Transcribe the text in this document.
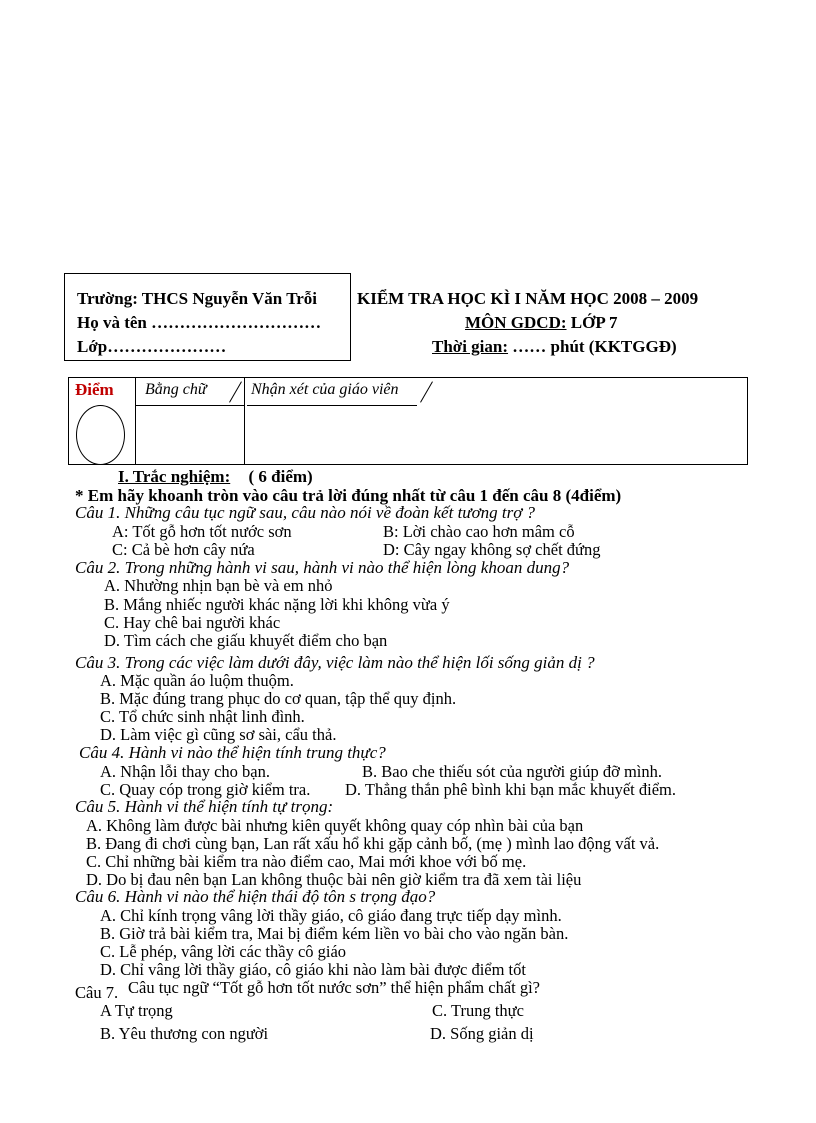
Trường: THCS Nguyễn Văn Trỗi
Họ và tên …………………………
Lớp…………………
KIỂM TRA HỌC KÌ I NĂM HỌC 2008 – 2009
MÔN GDCD: LỚP 7
Thời gian: …… phút (KKTGGĐ)
Điểm Bằng chữ	Nhận xét của giáo viên
I. Trắc nghiệm: ( 6 điểm)
* Em hãy khoanh tròn vào câu trả lời đúng nhất từ câu 1 đến câu 8 (4điểm)
Câu 1. Những câu tục ngữ sau, câu nào nói về đoàn kết tương trợ ?
A: Tốt gỗ hơn tốt nước sơn	B: Lời chào cao hơn mâm cỗ
C: Cả bè hơn cây nứa	D: Cây ngay không sợ chết đứng
Câu 2. Trong những hành vi sau, hành vi nào thể hiện lòng khoan dung?
A. Nhường nhịn bạn bè và em nhỏ
B. Mắng nhiếc người khác nặng lời khi không vừa ý
C. Hay chê bai người khác
D. Tìm cách che giấu khuyết điểm cho bạn
Câu 3. Trong các việc làm dưới đây, việc làm nào thể hiện lối sống giản dị ?
A. Mặc quần áo luộm thuộm.
B. Mặc đúng trang phục do cơ quan, tập thể quy định.
C. Tổ chức sinh nhật linh đình.
D. Làm việc gì cũng sơ sài, cẩu thả.
Câu 4. Hành vi nào thể hiện tính trung thực?
A. Nhận lỗi thay cho bạn.	B. Bao che thiếu sót của người giúp đỡ mình.
C. Quay cóp trong giờ kiểm tra. D. Thẳng thắn phê bình khi bạn mắc khuyết điểm.
Câu 5. Hành vi thể hiện tính tự trọng:
A. Không làm được bài nhưng kiên quyết không quay cóp nhìn bài của bạn
B. Đang đi chơi cùng bạn, Lan rất xấu hổ khi gặp cảnh bố, (mẹ ) mình lao động vất vả.
C. Chỉ những bài kiểm tra nào điểm cao, Mai mới khoe với bố mẹ.
D. Do bị đau nên bạn Lan không thuộc bài nên giờ kiểm tra đã xem tài liệu
Câu 6. Hành vi nào thể hiện thái độ tôn s trọng đạo?
A. Chỉ kính trọng vâng lời thầy giáo, cô giáo đang trực tiếp dạy mình.
B. Giờ trả bài kiểm tra, Mai bị điểm kém liền vo bài cho vào ngăn bàn.
C. Lễ phép, vâng lời các thầy cô giáo
D. Chỉ vâng lời thầy giáo, cô giáo khi nào làm bài được điểm tốt
Câu 7. Câu tục ngữ “Tốt gỗ hơn tốt nước sơn” thể hiện phẩm chất gì?
A Tự trọng	C. Trung thực
B. Yêu thương con người	D. Sống giản dị
